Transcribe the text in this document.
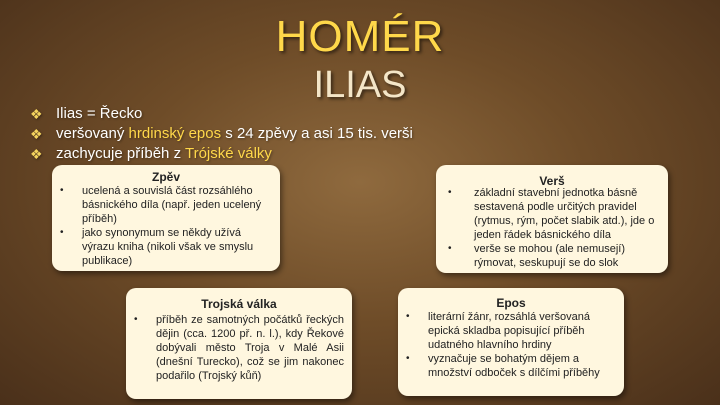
HOMÉR
ILIAS
❖ Ilias = Řecko
❖ veršovaný hrdinský epos s 24 zpěvy a asi 15 tis. verši
❖ zachycuje příběh z Trójské války
Zpěv
• ucelená a souvislá část rozsáhlého básnického díla (např. jeden ucelený příběh)
• jako synonymum se někdy užívá výrazu kniha (nikoli však ve smyslu publikace)
Verš
• základní stavební jednotka básně sestavená podle určitých pravidel (rytmus, rým, počet slabik atd.), jde o jeden řádek básnického díla
• verše se mohou (ale nemusejí) rýmovat, seskupují se do slok
Trojská válka
• příběh ze samotných počátků řeckých dějin (cca. 1200 př. n. l.), kdy Řekové dobývali město Troja v Malé Asii (dnešní Turecko), což se jim nakonec podařilo (Trojský kůň)
Epos
• literární žánr, rozsáhlá veršovaná epická skladba popisující příběh udatného hlavního hrdiny
• vyznačuje se bohatým dějem a množství odboček s dílčími příběhy
